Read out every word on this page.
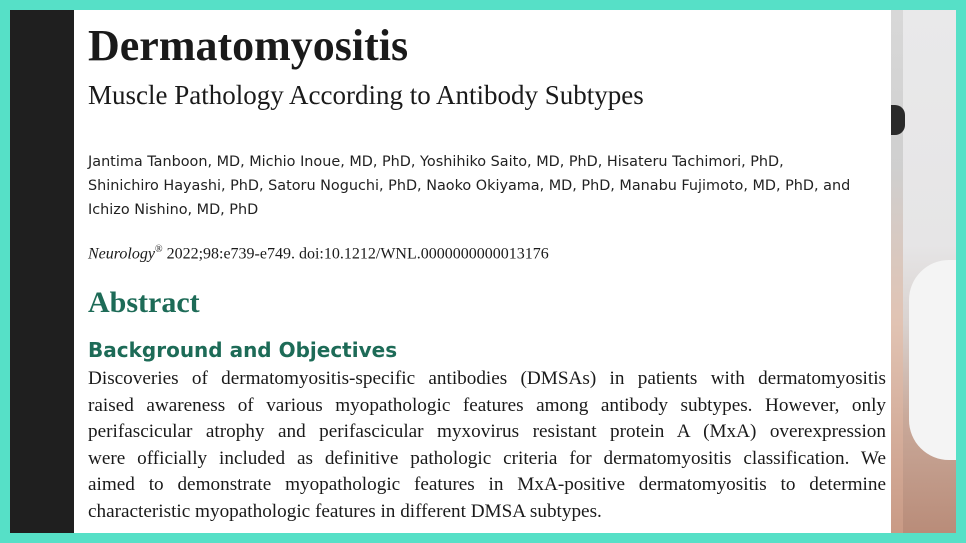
Dermatomyositis
Muscle Pathology According to Antibody Subtypes
Jantima Tanboon, MD, Michio Inoue, MD, PhD, Yoshihiko Saito, MD, PhD, Hisateru Tachimori, PhD,
Shinichiro Hayashi, PhD, Satoru Noguchi, PhD, Naoko Okiyama, MD, PhD, Manabu Fujimoto, MD, PhD, and
Ichizo Nishino, MD, PhD
Neurology® 2022;98:e739-e749. doi:10.1212/WNL.0000000000013176
Abstract
Background and Objectives
Discoveries of dermatomyositis-specific antibodies (DMSAs) in patients with dermatomyositis
raised awareness of various myopathologic features among antibody subtypes. However, only
perifascicular atrophy and perifascicular myxovirus resistant protein A (MxA) overexpression
were officially included as definitive pathologic criteria for dermatomyositis classification. We
aimed to demonstrate myopathologic features in MxA-positive dermatomyositis to determine
characteristic myopathologic features in different DMSA subtypes.
